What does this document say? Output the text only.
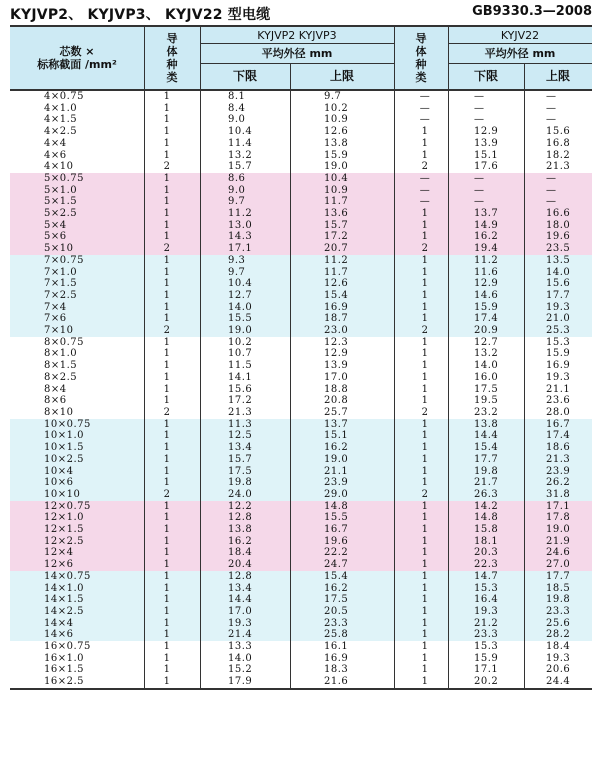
KYJVP2、 KYJVP3、 KYJV22 型电缆	GB9330.3—2008
芯数 ×
标称截面 /mm²
导
体
种
类
KYJVP2 KYJVP3
平均外径 mm
下限	上限
导
体
种
类
KYJV22
平均外径 mm
下限	上限
4×0.75	1	8.1	9.7	—	—	—
4×1.0	1	8.4	10.2	—	—	—
4×1.5	1	9.0	10.9	—	—	—
4×2.5	1	10.4	12.6	1	12.9	15.6
4×4	1	11.4	13.8	1	13.9	16.8
4×6	1	13.2	15.9	1	15.1	18.2
4×10	2	15.7	19.0	2	17.6	21.3
5×0.75	1	8.6	10.4	—	—	—
5×1.0	1	9.0	10.9	—	—	—
5×1.5	1	9.7	11.7	—	—	—
5×2.5	1	11.2	13.6	1	13.7	16.6
5×4	1	13.0	15.7	1	14.9	18.0
5×6	1	14.3	17.2	1	16.2	19.6
5×10	2	17.1	20.7	2	19.4	23.5
7×0.75	1	9.3	11.2	1	11.2	13.5
7×1.0	1	9.7	11.7	1	11.6	14.0
7×1.5	1	10.4	12.6	1	12.9	15.6
7×2.5	1	12.7	15.4	1	14.6	17.7
7×4	1	14.0	16.9	1	15.9	19.3
7×6	1	15.5	18.7	1	17.4	21.0
7×10	2	19.0	23.0	2	20.9	25.3
8×0.75	1	10.2	12.3	1	12.7	15.3
8×1.0	1	10.7	12.9	1	13.2	15.9
8×1.5	1	11.5	13.9	1	14.0	16.9
8×2.5	1	14.1	17.0	1	16.0	19.3
8×4	1	15.6	18.8	1	17.5	21.1
8×6	1	17.2	20.8	1	19.5	23.6
8×10	2	21.3	25.7	2	23.2	28.0
10×0.75	1	11.3	13.7	1	13.8	16.7
10×1.0	1	12.5	15.1	1	14.4	17.4
10×1.5	1	13.4	16.2	1	15.4	18.6
10×2.5	1	15.7	19.0	1	17.7	21.3
10×4	1	17.5	21.1	1	19.8	23.9
10×6	1	19.8	23.9	1	21.7	26.2
10×10	2	24.0	29.0	2	26.3	31.8
12×0.75	1	12.2	14.8	1	14.2	17.1
12×1.0	1	12.8	15.5	1	14.8	17.8
12×1.5	1	13.8	16.7	1	15.8	19.0
12×2.5	1	16.2	19.6	1	18.1	21.9
12×4	1	18.4	22.2	1	20.3	24.6
12×6	1	20.4	24.7	1	22.3	27.0
14×0.75	1	12.8	15.4	1	14.7	17.7
14×1.0	1	13.4	16.2	1	15.3	18.5
14×1.5	1	14.4	17.5	1	16.4	19.8
14×2.5	1	17.0	20.5	1	19.3	23.3
14×4	1	19.3	23.3	1	21.2	25.6
14×6	1	21.4	25.8	1	23.3	28.2
16×0.75	1	13.3	16.1	1	15.3	18.4
16×1.0	1	14.0	16.9	1	15.9	19.3
16×1.5	1	15.2	18.3	1	17.1	20.6
16×2.5	1	17.9	21.6	1	20.2	24.4
